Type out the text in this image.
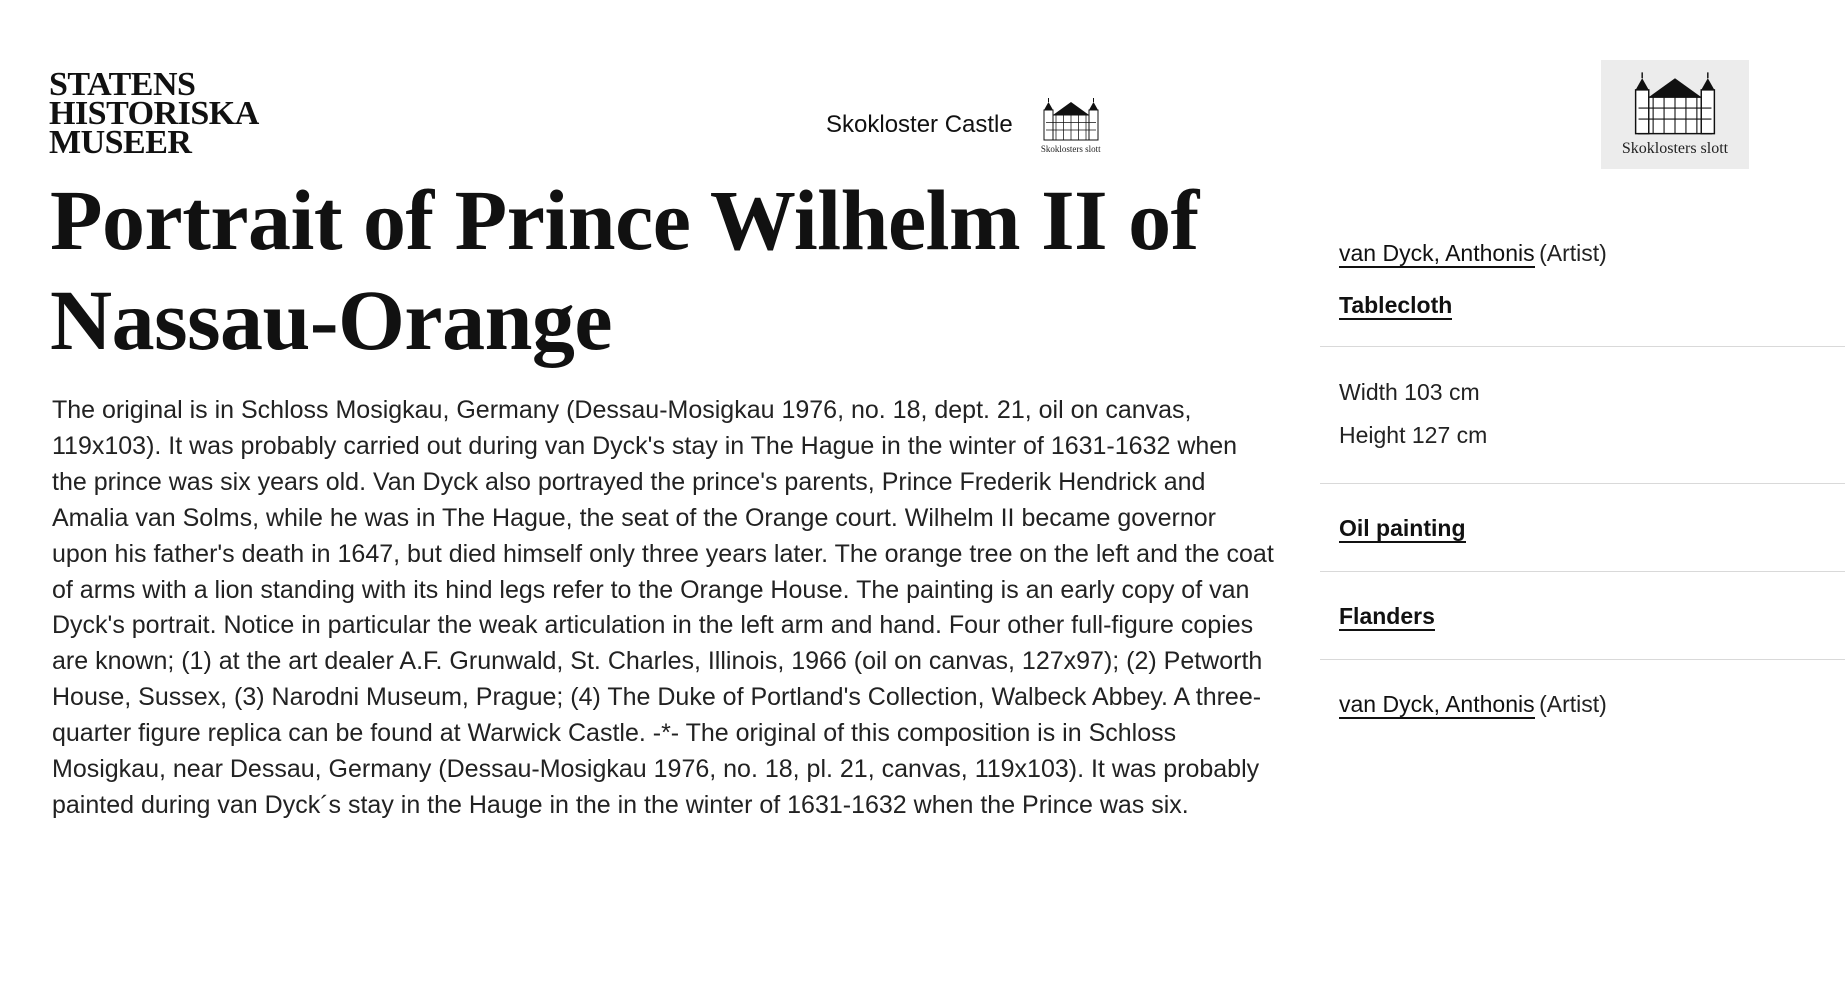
STATENS
HISTORISKA
MUSEER	Skokloster Castle
Skoklosters slott	Skoklosters slott
Portrait of Prince Wilhelm II of Nassau-Orange

The original is in Schloss Mosigkau, Germany (Dessau-Mosigkau 1976, no. 18, dept. 21, oil on canvas, 119x103). It was probably carried out during van Dyck's stay in The Hague in the winter of 1631-1632 when the prince was six years old. Van Dyck also portrayed the prince's parents, Prince Frederik Hendrick and Amalia van Solms, while he was in The Hague, the seat of the Orange court. Wilhelm II became governor upon his father's death in 1647, but died himself only three years later. The orange tree on the left and the coat of arms with a lion standing with its hind legs refer to the Orange House. The painting is an early copy of van Dyck's portrait. Notice in particular the weak articulation in the left arm and hand. Four other full-figure copies are known; (1) at the art dealer A.F. Grunwald, St. Charles, Illinois, 1966 (oil on canvas, 127x97); (2) Petworth House, Sussex, (3) Narodni Museum, Prague; (4) The Duke of Portland's Collection, Walbeck Abbey. A three-quarter figure replica can be found at Warwick Castle. -*- The original of this composition is in Schloss Mosigkau, near Dessau, Germany (Dessau-Mosigkau 1976, no. 18, pl. 21, canvas, 119x103). It was probably painted during van Dyck´s stay in the Hauge in the in the winter of 1631-1632 when the Prince was six.

van Dyck, Anthonis (Artist)
Tablecloth
Width 103 cm
Height 127 cm
Oil painting
Flanders
van Dyck, Anthonis (Artist)
